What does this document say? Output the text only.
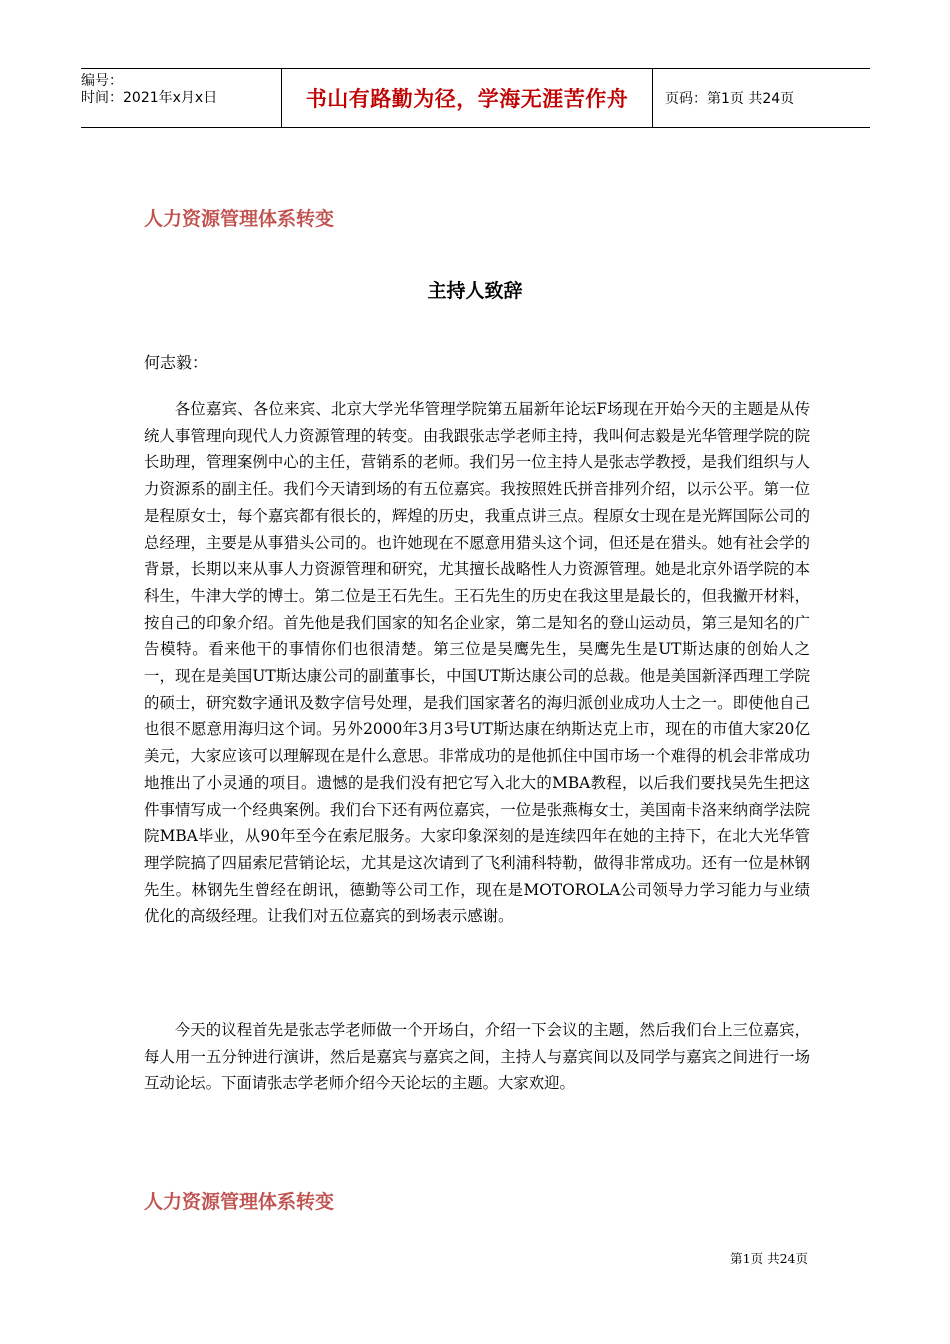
编号：
时间：2021年x月x日	书山有路勤为径，学海无涯苦作舟	页码：第1页 共24页
人力资源管理体系转变
主持人致辞
何志毅：

各位嘉宾、各位来宾、北京大学光华管理学院第五届新年论坛F场现在开始今天的主题是从传统人事管理向现代人力资源管理的转变。由我跟张志学老师主持，我叫何志毅是光华管理学院的院长助理，管理案例中心的主任，营销系的老师。我们另一位主持人是张志学教授，是我们组织与人力资源系的副主任。我们今天请到场的有五位嘉宾。我按照姓氏拼音排列介绍，以示公平。第一位是程原女士，每个嘉宾都有很长的，辉煌的历史，我重点讲三点。程原女士现在是光辉国际公司的总经理，主要是从事猎头公司的。也许她现在不愿意用猎头这个词，但还是在猎头。她有社会学的背景，长期以来从事人力资源管理和研究，尤其擅长战略性人力资源管理。她是北京外语学院的本科生，牛津大学的博士。第二位是王石先生。王石先生的历史在我这里是最长的，但我撇开材料，按自己的印象介绍。首先他是我们国家的知名企业家，第二是知名的登山运动员，第三是知名的广告模特。看来他干的事情你们也很清楚。第三位是吴鹰先生，吴鹰先生是UT斯达康的创始人之一，现在是美国UT斯达康公司的副董事长，中国UT斯达康公司的总裁。他是美国新泽西理工学院的硕士，研究数字通讯及数字信号处理，是我们国家著名的海归派创业成功人士之一。即使他自己也很不愿意用海归这个词。另外2000年3月3号UT斯达康在纳斯达克上市，现在的市值大家20亿美元，大家应该可以理解现在是什么意思。非常成功的是他抓住中国市场一个难得的机会非常成功地推出了小灵通的项目。遗憾的是我们没有把它写入北大的MBA教程，以后我们要找吴先生把这件事情写成一个经典案例。我们台下还有两位嘉宾，一位是张燕梅女士，美国南卡洛来纳商学法院院MBA毕业，从90年至今在索尼服务。大家印象深刻的是连续四年在她的主持下，在北大光华管理学院搞了四届索尼营销论坛，尤其是这次请到了飞利浦科特勒，做得非常成功。还有一位是林钢先生。林钢先生曾经在朗讯，德勤等公司工作，现在是MOTOROLA公司领导力学习能力与业绩优化的高级经理。让我们对五位嘉宾的到场表示感谢。

今天的议程首先是张志学老师做一个开场白，介绍一下会议的主题，然后我们台上三位嘉宾，每人用一五分钟进行演讲，然后是嘉宾与嘉宾之间，主持人与嘉宾间以及同学与嘉宾之间进行一场互动论坛。下面请张志学老师介绍今天论坛的主题。大家欢迎。

人力资源管理体系转变
第1页 共24页
